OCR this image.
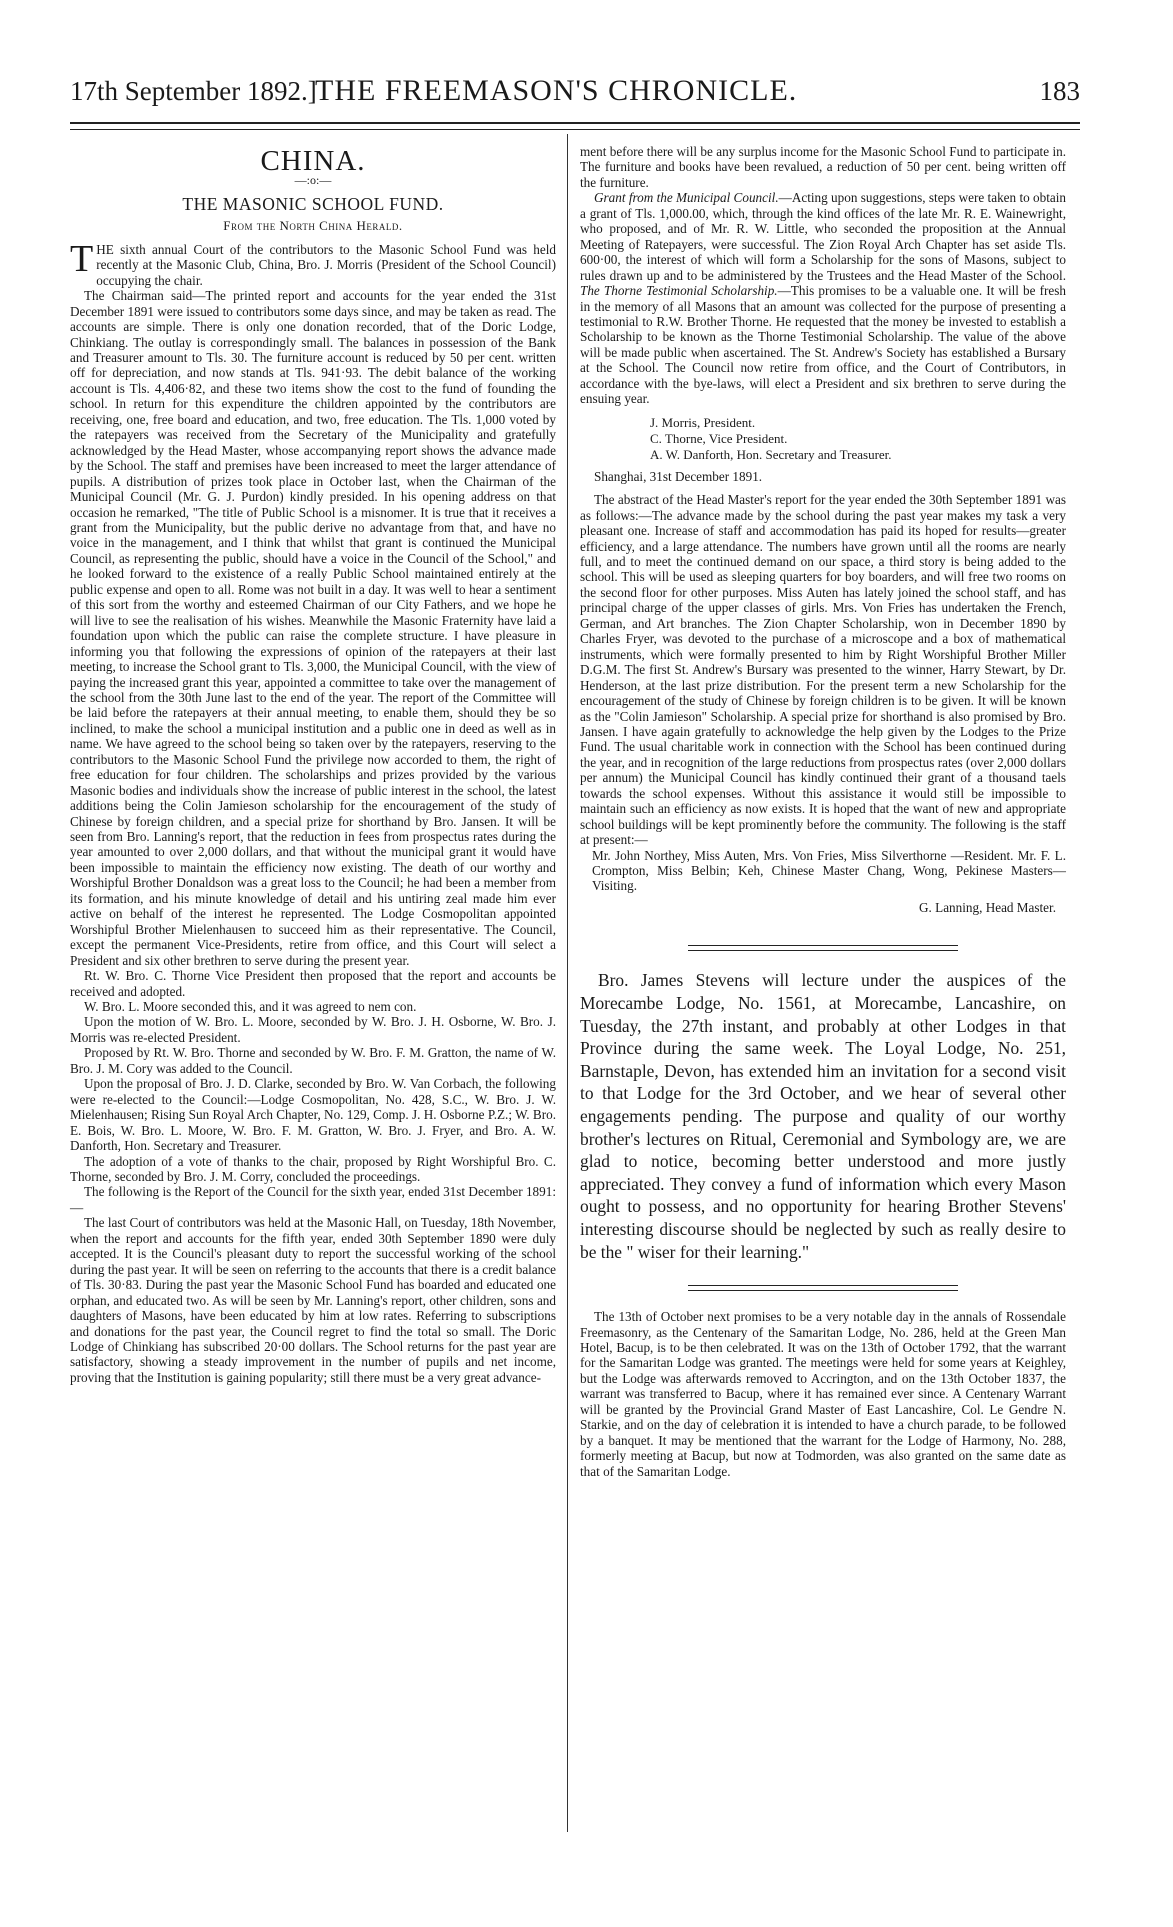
17th September 1892.]
THE FREEMASON'S CHRONICLE.	183
CHINA.
—:o:—
THE MASONIC SCHOOL FUND.
From the North China Herald.

THE sixth annual Court of the contributors to the Masonic School Fund was held recently at the Masonic Club, China, Bro. J. Morris (President of the School Council) occupying the chair.

The Chairman said—The printed report and accounts for the year ended the 31st December 1891 were issued to contributors some days since, and may be taken as read. The accounts are simple. There is only one donation recorded, that of the Doric Lodge, Chinkiang. The outlay is correspondingly small. The balances in possession of the Bank and Treasurer amount to Tls. 30. The furniture account is reduced by 50 per cent. written off for depreciation, and now stands at Tls. 941·93. The debit balance of the working account is Tls. 4,406·82, and these two items show the cost to the fund of founding the school. In return for this expenditure the children appointed by the contributors are receiving, one, free board and education, and two, free education. The Tls. 1,000 voted by the ratepayers was received from the Secretary of the Municipality and gratefully acknowledged by the Head Master, whose accompanying report shows the advance made by the School. The staff and premises have been increased to meet the larger attendance of pupils. A distribution of prizes took place in October last, when the Chairman of the Municipal Council (Mr. G. J. Purdon) kindly presided. In his opening address on that occasion he remarked, "The title of Public School is a misnomer. It is true that it receives a grant from the Municipality, but the public derive no advantage from that, and have no voice in the management, and I think that whilst that grant is continued the Municipal Council, as representing the public, should have a voice in the Council of the School," and he looked forward to the existence of a really Public School maintained entirely at the public expense and open to all. Rome was not built in a day. It was well to hear a sentiment of this sort from the worthy and esteemed Chairman of our City Fathers, and we hope he will live to see the realisation of his wishes. Meanwhile the Masonic Fraternity have laid a foundation upon which the public can raise the complete structure. I have pleasure in informing you that following the expressions of opinion of the ratepayers at their last meeting, to increase the School grant to Tls. 3,000, the Municipal Council, with the view of paying the increased grant this year, appointed a committee to take over the management of the school from the 30th June last to the end of the year. The report of the Committee will be laid before the ratepayers at their annual meeting, to enable them, should they be so inclined, to make the school a municipal institution and a public one in deed as well as in name. We have agreed to the school being so taken over by the ratepayers, reserving to the contributors to the Masonic School Fund the privilege now accorded to them, the right of free education for four children. The scholarships and prizes provided by the various Masonic bodies and individuals show the increase of public interest in the school, the latest additions being the Colin Jamieson scholarship for the encouragement of the study of Chinese by foreign children, and a special prize for shorthand by Bro. Jansen. It will be seen from Bro. Lanning's report, that the reduction in fees from prospectus rates during the year amounted to over 2,000 dollars, and that without the municipal grant it would have been impossible to maintain the efficiency now existing. The death of our worthy and Worshipful Brother Donaldson was a great loss to the Council; he had been a member from its formation, and his minute knowledge of detail and his untiring zeal made him ever active on behalf of the interest he represented. The Lodge Cosmopolitan appointed Worshipful Brother Mielenhausen to succeed him as their representative. The Council, except the permanent Vice-Presidents, retire from office, and this Court will select a President and six other brethren to serve during the present year.

Rt. W. Bro. C. Thorne Vice President then proposed that the report and accounts be received and adopted.

W. Bro. L. Moore seconded this, and it was agreed to nem con.

Upon the motion of W. Bro. L. Moore, seconded by W. Bro. J. H. Osborne, W. Bro. J. Morris was re-elected President.

Proposed by Rt. W. Bro. Thorne and seconded by W. Bro. F. M. Gratton, the name of W. Bro. J. M. Cory was added to the Council.

Upon the proposal of Bro. J. D. Clarke, seconded by Bro. W. Van Corbach, the following were re-elected to the Council:—Lodge Cosmopolitan, No. 428, S.C., W. Bro. J. W. Mielenhausen; Rising Sun Royal Arch Chapter, No. 129, Comp. J. H. Osborne P.Z.; W. Bro. E. Bois, W. Bro. L. Moore, W. Bro. F. M. Gratton, W. Bro. J. Fryer, and Bro. A. W. Danforth, Hon. Secretary and Treasurer.

The adoption of a vote of thanks to the chair, proposed by Right Worshipful Bro. C. Thorne, seconded by Bro. J. M. Corry, concluded the proceedings.

The following is the Report of the Council for the sixth year, ended 31st December 1891:—

The last Court of contributors was held at the Masonic Hall, on Tuesday, 18th November, when the report and accounts for the fifth year, ended 30th September 1890 were duly accepted. It is the Council's pleasant duty to report the successful working of the school during the past year. It will be seen on referring to the accounts that there is a credit balance of Tls. 30·83. During the past year the Masonic School Fund has boarded and educated one orphan, and educated two. As will be seen by Mr. Lanning's report, other children, sons and daughters of Masons, have been educated by him at low rates. Referring to subscriptions and donations for the past year, the Council regret to find the total so small. The Doric Lodge of Chinkiang has subscribed 20·00 dollars. The School returns for the past year are satisfactory, showing a steady improvement in the number of pupils and net income, proving that the Institution is gaining popularity; still there must be a very great advance-

ment before there will be any surplus income for the Masonic School Fund to participate in. The furniture and books have been revalued, a reduction of 50 per cent. being written off the furniture.

Grant from the Municipal Council.—Acting upon suggestions, steps were taken to obtain a grant of Tls. 1,000.00, which, through the kind offices of the late Mr. R. E. Wainewright, who proposed, and of Mr. R. W. Little, who seconded the proposition at the Annual Meeting of Ratepayers, were successful. The Zion Royal Arch Chapter has set aside Tls. 600·00, the interest of which will form a Scholarship for the sons of Masons, subject to rules drawn up and to be administered by the Trustees and the Head Master of the School. The Thorne Testimonial Scholarship.—This promises to be a valuable one. It will be fresh in the memory of all Masons that an amount was collected for the purpose of presenting a testimonial to R.W. Brother Thorne. He requested that the money be invested to establish a Scholarship to be known as the Thorne Testimonial Scholarship. The value of the above will be made public when ascertained. The St. Andrew's Society has established a Bursary at the School. The Council now retire from office, and the Court of Contributors, in accordance with the bye-laws, will elect a President and six brethren to serve during the ensuing year.

J. Morris, President.

C. Thorne, Vice President.

A. W. Danforth, Hon. Secretary and Treasurer.

Shanghai, 31st December 1891.

The abstract of the Head Master's report for the year ended the 30th September 1891 was as follows:—The advance made by the school during the past year makes my task a very pleasant one. Increase of staff and accommodation has paid its hoped for results—greater efficiency, and a large attendance. The numbers have grown until all the rooms are nearly full, and to meet the continued demand on our space, a third story is being added to the school. This will be used as sleeping quarters for boy boarders, and will free two rooms on the second floor for other purposes. Miss Auten has lately joined the school staff, and has principal charge of the upper classes of girls. Mrs. Von Fries has undertaken the French, German, and Art branches. The Zion Chapter Scholarship, won in December 1890 by Charles Fryer, was devoted to the purchase of a microscope and a box of mathematical instruments, which were formally presented to him by Right Worshipful Brother Miller D.G.M. The first St. Andrew's Bursary was presented to the winner, Harry Stewart, by Dr. Henderson, at the last prize distribution. For the present term a new Scholarship for the encouragement of the study of Chinese by foreign children is to be given. It will be known as the "Colin Jamieson" Scholarship. A special prize for shorthand is also promised by Bro. Jansen. I have again gratefully to acknowledge the help given by the Lodges to the Prize Fund. The usual charitable work in connection with the School has been continued during the year, and in recognition of the large reductions from prospectus rates (over 2,000 dollars per annum) the Municipal Council has kindly continued their grant of a thousand taels towards the school expenses. Without this assistance it would still be impossible to maintain such an efficiency as now exists. It is hoped that the want of new and appropriate school buildings will be kept prominently before the community. The following is the staff at present:—

Mr. John Northey, Miss Auten, Mrs. Von Fries, Miss Silverthorne —Resident. Mr. F. L. Crompton, Miss Belbin; Keh, Chinese Master Chang, Wong, Pekinese Masters—Visiting.

G. Lanning, Head Master.

Bro. James Stevens will lecture under the auspices of the Morecambe Lodge, No. 1561, at Morecambe, Lancashire, on Tuesday, the 27th instant, and probably at other Lodges in that Province during the same week. The Loyal Lodge, No. 251, Barnstaple, Devon, has extended him an invitation for a second visit to that Lodge for the 3rd October, and we hear of several other engagements pending. The purpose and quality of our worthy brother's lectures on Ritual, Ceremonial and Symbology are, we are glad to notice, becoming better understood and more justly appreciated. They convey a fund of information which every Mason ought to possess, and no opportunity for hearing Brother Stevens' interesting discourse should be neglected by such as really desire to be the " wiser for their learning."

The 13th of October next promises to be a very notable day in the annals of Rossendale Freemasonry, as the Centenary of the Samaritan Lodge, No. 286, held at the Green Man Hotel, Bacup, is to be then celebrated. It was on the 13th of October 1792, that the warrant for the Samaritan Lodge was granted. The meetings were held for some years at Keighley, but the Lodge was afterwards removed to Accrington, and on the 13th October 1837, the warrant was transferred to Bacup, where it has remained ever since. A Centenary Warrant will be granted by the Provincial Grand Master of East Lancashire, Col. Le Gendre N. Starkie, and on the day of celebration it is intended to have a church parade, to be followed by a banquet. It may be mentioned that the warrant for the Lodge of Harmony, No. 288, formerly meeting at Bacup, but now at Todmorden, was also granted on the same date as that of the Samaritan Lodge.
